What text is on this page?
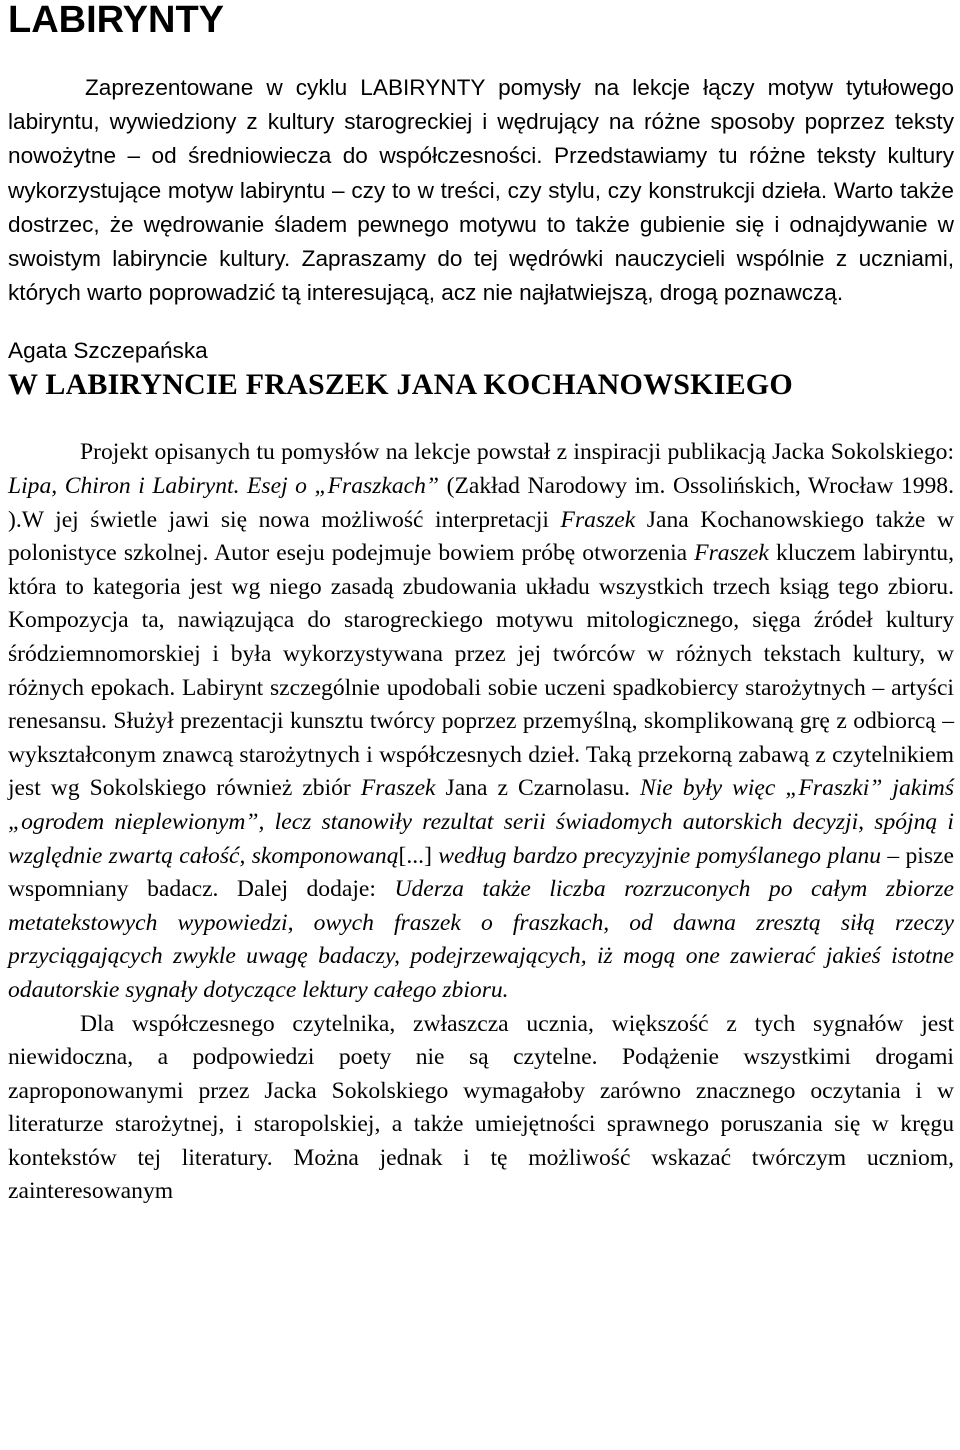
LABIRYNTY

Zaprezentowane w cyklu LABIRYNTY pomysły na lekcje łączy motyw tytułowego labiryntu, wywiedziony z kultury starogreckiej i wędrujący na różne sposoby poprzez teksty nowożytne – od średniowiecza do współczesności. Przedstawiamy tu różne teksty kultury wykorzystujące motyw labiryntu – czy to w treści, czy stylu, czy konstrukcji dzieła. Warto także dostrzec, że wędrowanie śladem pewnego motywu to także gubienie się i odnajdywanie w swoistym labiryncie kultury. Zapraszamy do tej wędrówki nauczycieli wspólnie z uczniami, których warto poprowadzić tą interesującą, acz nie najłatwiejszą, drogą poznawczą.

Agata Szczepańska
W LABIRYNCIE FRASZEK JANA KOCHANOWSKIEGO

Projekt opisanych tu pomysłów na lekcje powstał z inspiracji publikacją Jacka Sokolskiego: Lipa, Chiron i Labirynt. Esej o „Fraszkach” (Zakład Narodowy im. Ossolińskich, Wrocław 1998. ).W jej świetle jawi się nowa możliwość interpretacji Fraszek Jana Kochanowskiego także w polonistyce szkolnej. Autor eseju podejmuje bowiem próbę otworzenia Fraszek kluczem labiryntu, która to kategoria jest wg niego zasadą zbudowania układu wszystkich trzech ksiąg tego zbioru. Kompozycja ta, nawiązująca do starogreckiego motywu mitologicznego, sięga źródeł kultury śródziemnomorskiej i była wykorzystywana przez jej twórców w różnych tekstach kultury, w różnych epokach. Labirynt szczególnie upodobali sobie uczeni spadkobiercy starożytnych – artyści renesansu. Służył prezentacji kunsztu twórcy poprzez przemyślną, skomplikowaną grę z odbiorcą – wykształconym znawcą starożytnych i współczesnych dzieł. Taką przekorną zabawą z czytelnikiem jest wg Sokolskiego również zbiór Fraszek Jana z Czarnolasu. Nie były więc „Fraszki” jakimś „ogrodem nieplewionym”, lecz stanowiły rezultat serii świadomych autorskich decyzji, spójną i względnie zwartą całość, skomponowaną[...] według bardzo precyzyjnie pomyślanego planu – pisze wspomniany badacz. Dalej dodaje: Uderza także liczba rozrzuconych po całym zbiorze metatekstowych wypowiedzi, owych fraszek o fraszkach, od dawna zresztą siłą rzeczy przyciągających zwykle uwagę badaczy, podejrzewających, iż mogą one zawierać jakieś istotne odautorskie sygnały dotyczące lektury całego zbioru.

Dla współczesnego czytelnika, zwłaszcza ucznia, większość z tych sygnałów jest niewidoczna, a podpowiedzi poety nie są czytelne. Podążenie wszystkimi drogami zaproponowanymi przez Jacka Sokolskiego wymagałoby zarówno znacznego oczytania i w literaturze starożytnej, i staropolskiej, a także umiejętności sprawnego poruszania się w kręgu kontekstów tej literatury. Można jednak i tę możliwość wskazać twórczym uczniom, zainteresowanym
